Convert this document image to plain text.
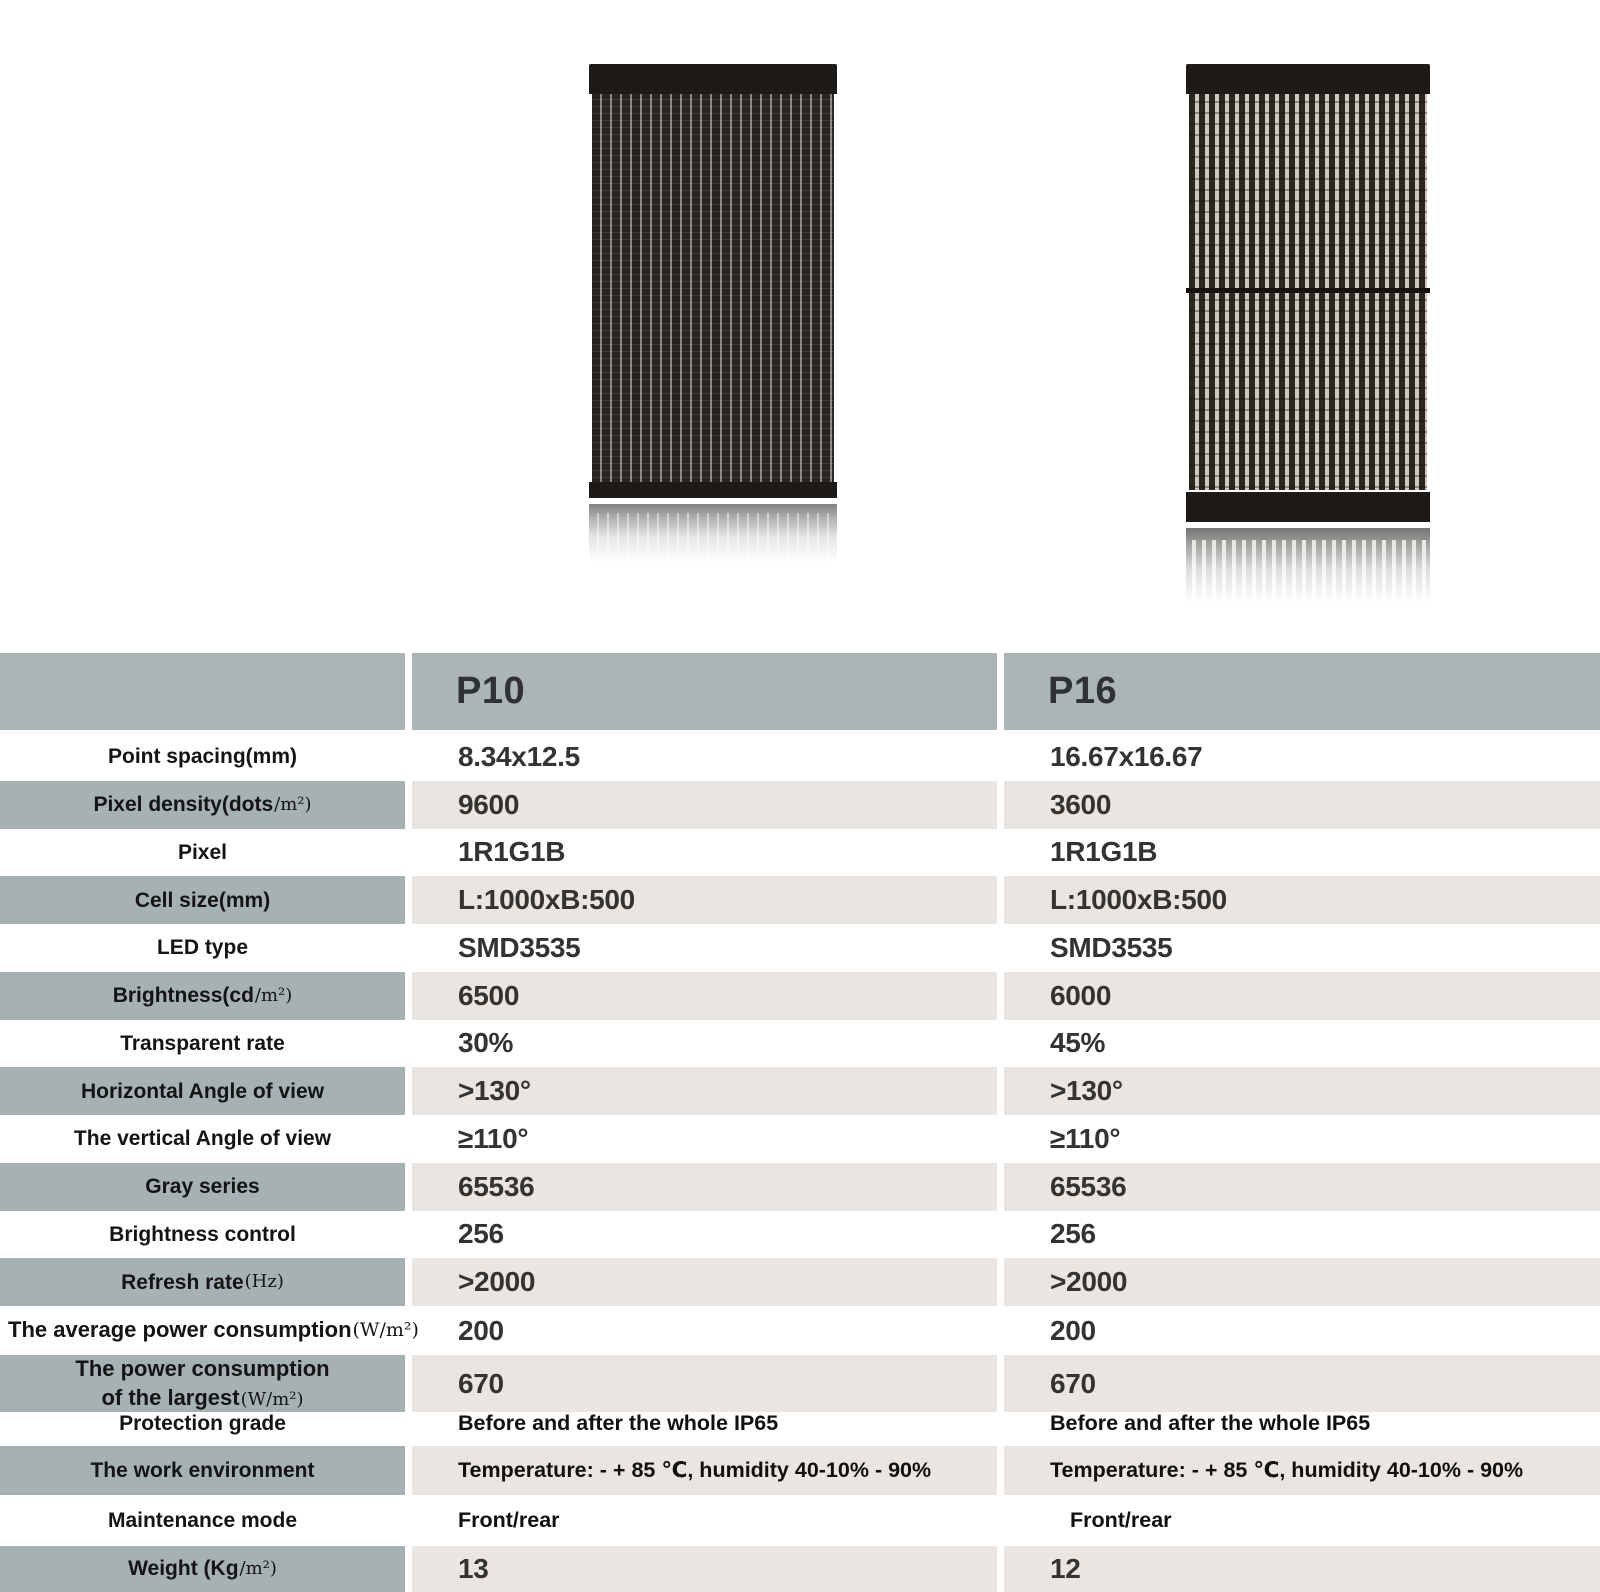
P10	P16
Point spacing(mm)	8.34x12.5	16.67x16.67
Pixel density(dots /m²)	9600	3600
Pixel	1R1G1B	1R1G1B
Cell size(mm)	L:1000xB:500	L:1000xB:500
LED type	SMD3535	SMD3535
Brightness(cd /m²)	6500	6000
Transparent rate	30%	45%
Horizontal Angle of view	>130°	>130°
The vertical Angle of view	≥110°	≥110°
Gray series	65536	65536
Brightness control	256	256
Refresh rate (Hz)	>2000	>2000
The average power consumption (W/m²)	200	200
The power consumption
of the largest(W/m²)
670	670
Protection grade	Before and after the whole IP65	Before and after the whole IP65
The work environment	Temperature: - + 85 ℃, humidity 40-10% - 90%	Temperature: - + 85 ℃, humidity 40-10% - 90%
Maintenance mode	Front/rear	Front/rear
Weight (Kg /m²)	13	12
